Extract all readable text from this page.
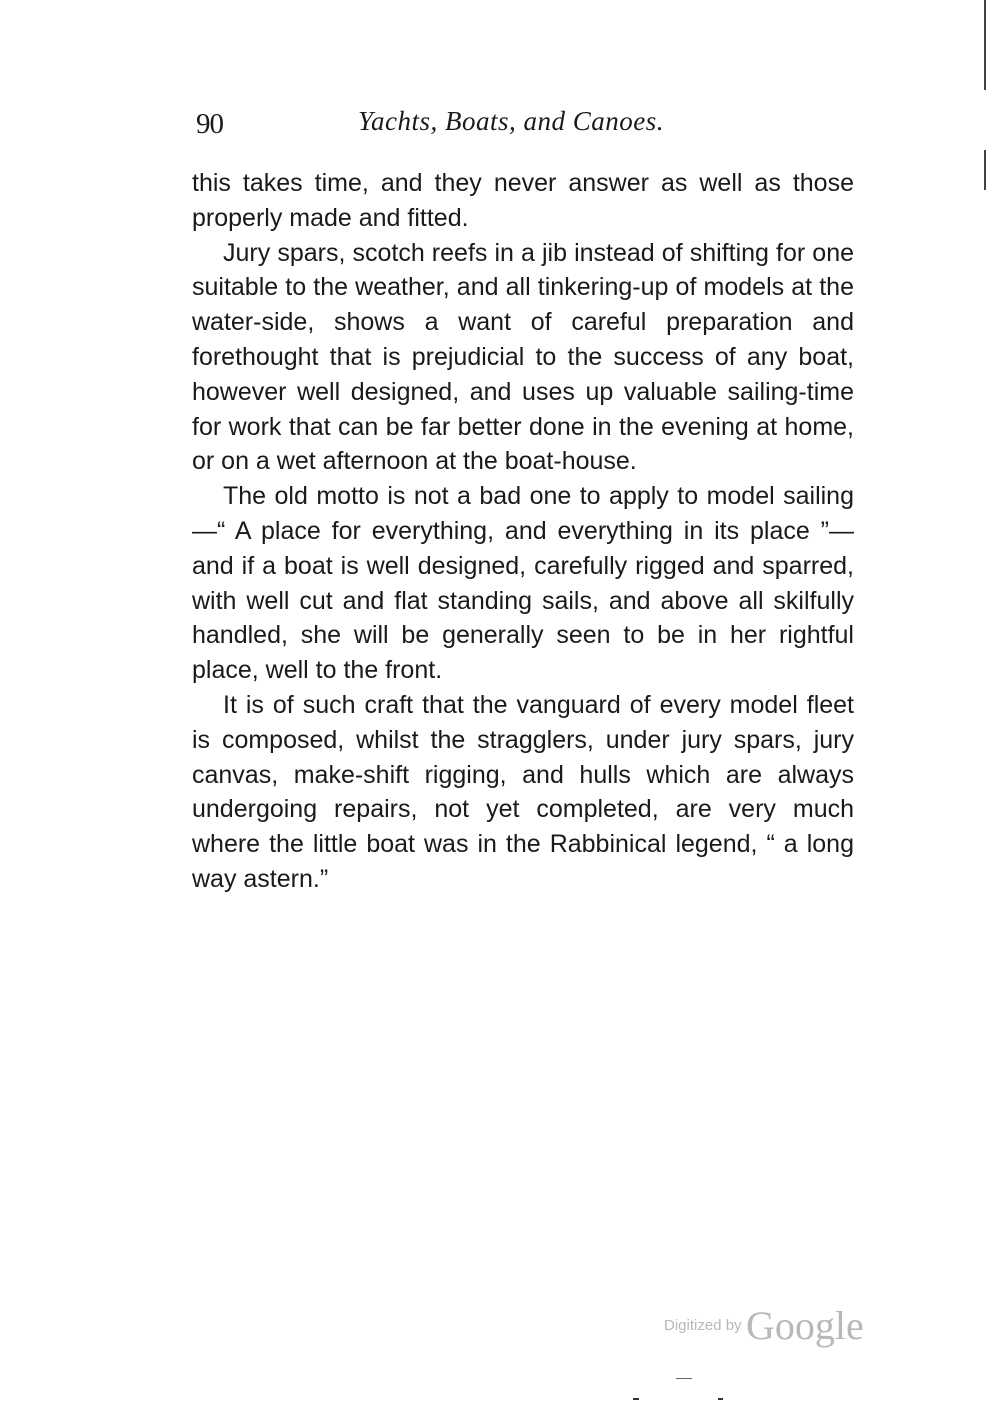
90	Yachts, Boats, and Canoes.

this takes time, and they never answer as well as those properly made and fitted.

Jury spars, scotch reefs in a jib instead of shifting for one suitable to the weather, and all tinkering-up of models at the water-side, shows a want of careful preparation and forethought that is prejudicial to the success of any boat, however well designed, and uses up valuable sailing-time for work that can be far better done in the evening at home, or on a wet afternoon at the boat-house.

The old motto is not a bad one to apply to model sailing—“ A place for everything, and everything in its place ”—and if a boat is well designed, carefully rigged and sparred, with well cut and flat standing sails, and above all skilfully handled, she will be generally seen to be in her rightful place, well to the front.

It is of such craft that the vanguard of every model fleet is composed, whilst the stragglers, under jury spars, jury canvas, make-shift rigging, and hulls which are always undergoing repairs, not yet completed, are very much where the little boat was in the Rabbinical legend, “ a long way astern.”

Digitized by Google
